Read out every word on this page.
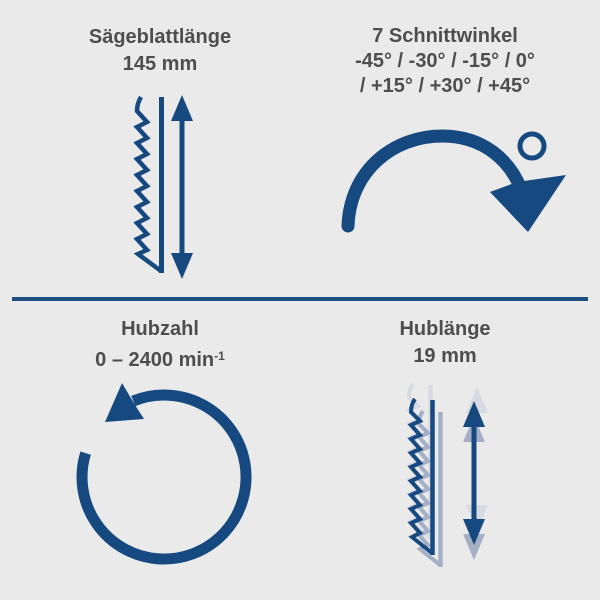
Sägeblattlänge
145 mm
7 Schnittwinkel
-45° / -30° / -15° / 0°
/ +15° / +30° / +45°
Hubzahl
0 – 2400 $\min^{-1}$
Hublänge
19 mm
